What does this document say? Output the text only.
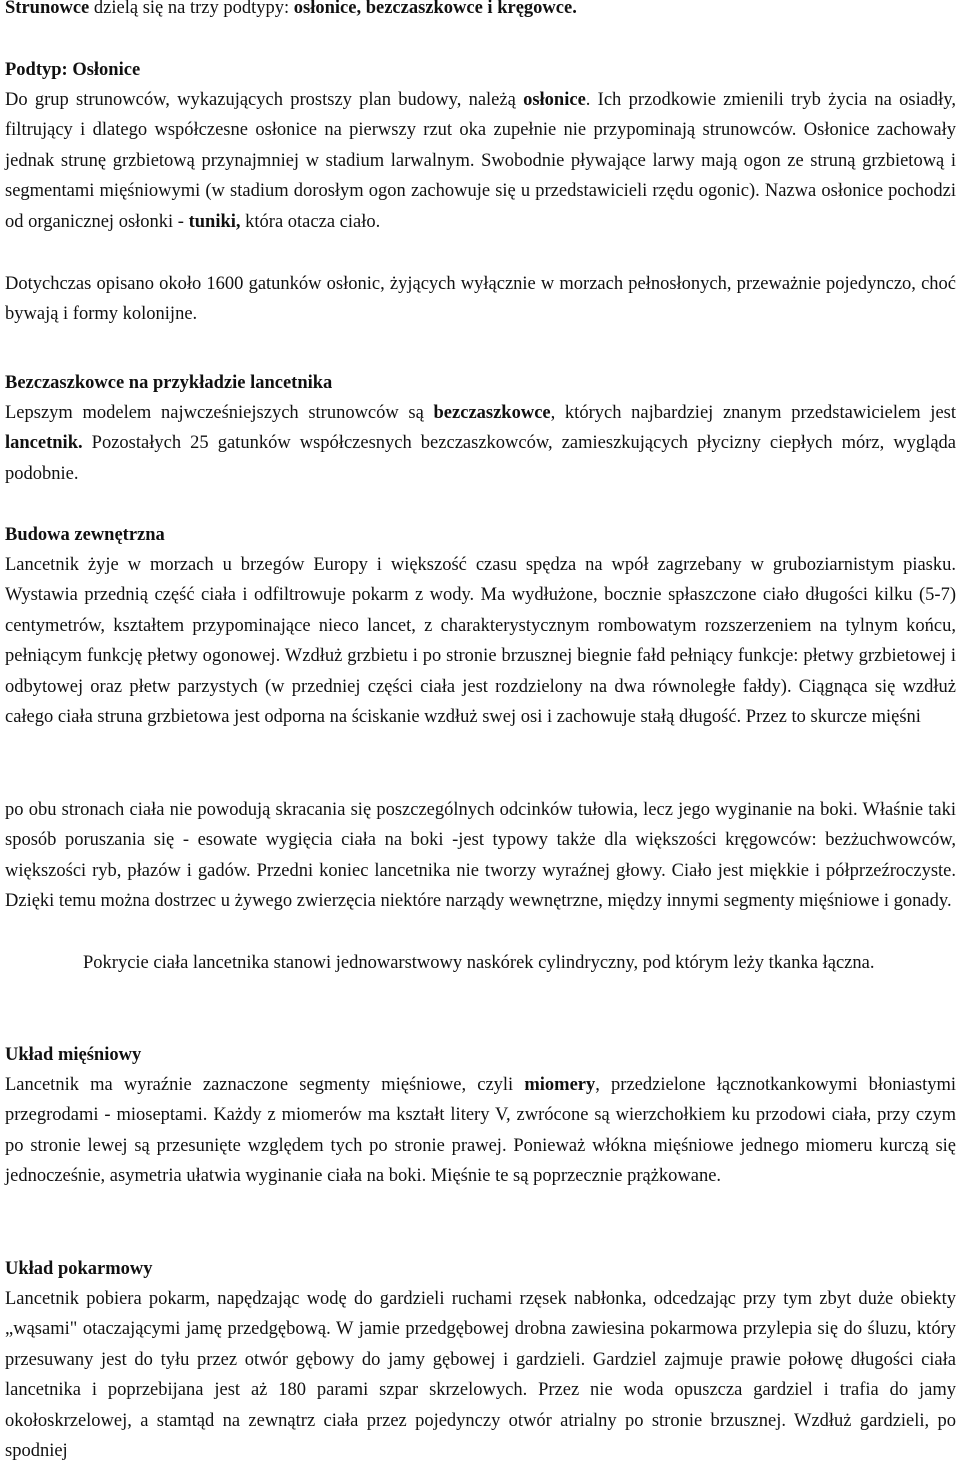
Strunowce dzielą się na trzy podtypy: osłonice, bezczaszkowce i kręgowce.

Podtyp: Osłonice

Do grup strunowców, wykazujących prostszy plan budowy, należą osłonice. Ich przodkowie zmienili tryb życia na osiadły, filtrujący i dlatego współczesne osłonice na pierwszy rzut oka zupełnie nie przypominają strunowców. Osłonice zachowały jednak strunę grzbietową przynajmniej w stadium larwalnym. Swobodnie pływające larwy mają ogon ze struną grzbietową i segmentami mięśniowymi (w stadium dorosłym ogon zachowuje się u przedstawicieli rzędu ogonic). Nazwa osłonice pochodzi od organicznej osłonki - tuniki, która otacza ciało.

Dotychczas opisano około 1600 gatunków osłonic, żyjących wyłącznie w morzach pełnosłonych, przeważnie pojedynczo, choć bywają i formy kolonijne.

Bezczaszkowce na przykładzie lancetnika

Lepszym modelem najwcześniejszych strunowców są bezczaszkowce, których najbardziej znanym przedstawicielem jest lancetnik. Pozostałych 25 gatunków współczesnych bezczaszkowców, zamieszkujących płycizny ciepłych mórz, wygląda podobnie.

Budowa zewnętrzna

Lancetnik żyje w morzach u brzegów Europy i większość czasu spędza na wpół zagrzebany w gruboziarnistym piasku. Wystawia przednią część ciała i odfiltrowuje pokarm z wody. Ma wydłużone, bocznie spłaszczone ciało długości kilku (5-7) centymetrów, kształtem przypominające nieco lancet, z charakterystycznym rombowatym rozszerzeniem na tylnym końcu, pełniącym funkcję płetwy ogonowej. Wzdłuż grzbietu i po stronie brzusznej biegnie fałd pełniący funkcje: płetwy grzbietowej i odbytowej oraz płetw parzystych (w przedniej części ciała jest rozdzielony na dwa równoległe fałdy). Ciągnąca się wzdłuż całego ciała struna grzbietowa jest odporna na ściskanie wzdłuż swej osi i zachowuje stałą długość. Przez to skurcze mięśni

po obu stronach ciała nie powodują skracania się poszczególnych odcinków tułowia, lecz jego wyginanie na boki. Właśnie taki sposób poruszania się - esowate wygięcia ciała na boki -jest typowy także dla większości kręgowców: bezżuchwowców, większości ryb, płazów i gadów. Przedni koniec lancetnika nie tworzy wyraźnej głowy. Ciało jest miękkie i półprzeźroczyste. Dzięki temu można dostrzec u żywego zwierzęcia niektóre narządy wewnętrzne, między innymi segmenty mięśniowe i gonady.

Pokrycie ciała lancetnika stanowi jednowarstwowy naskórek cylindryczny, pod którym leży tkanka łączna.

Układ mięśniowy

Lancetnik ma wyraźnie zaznaczone segmenty mięśniowe, czyli miomery, przedzielone łącznotkankowymi błoniastymi przegrodami - mioseptami. Każdy z miomerów ma kształt litery V, zwrócone są wierzchołkiem ku przodowi ciała, przy czym po stronie lewej są przesunięte względem tych po stronie prawej. Ponieważ włókna mięśniowe jednego miomeru kurczą się jednocześnie, asymetria ułatwia wyginanie ciała na boki. Mięśnie te są poprzecznie prążkowane.

Układ pokarmowy

Lancetnik pobiera pokarm, napędzając wodę do gardzieli ruchami rzęsek nabłonka, odcedzając przy tym zbyt duże obiekty „wąsami" otaczającymi jamę przedgębową. W jamie przedgębowej drobna zawiesina pokarmowa przylepia się do śluzu, który przesuwany jest do tyłu przez otwór gębowy do jamy gębowej i gardzieli. Gardziel zajmuje prawie połowę długości ciała lancetnika i poprzebijana jest aż 180 parami szpar skrzelowych. Przez nie woda opuszcza gardziel i trafia do jamy okołoskrzelowej, a stamtąd na zewnątrz ciała przez pojedynczy otwór atrialny po stronie brzusznej. Wzdłuż gardzieli, po spodniej
